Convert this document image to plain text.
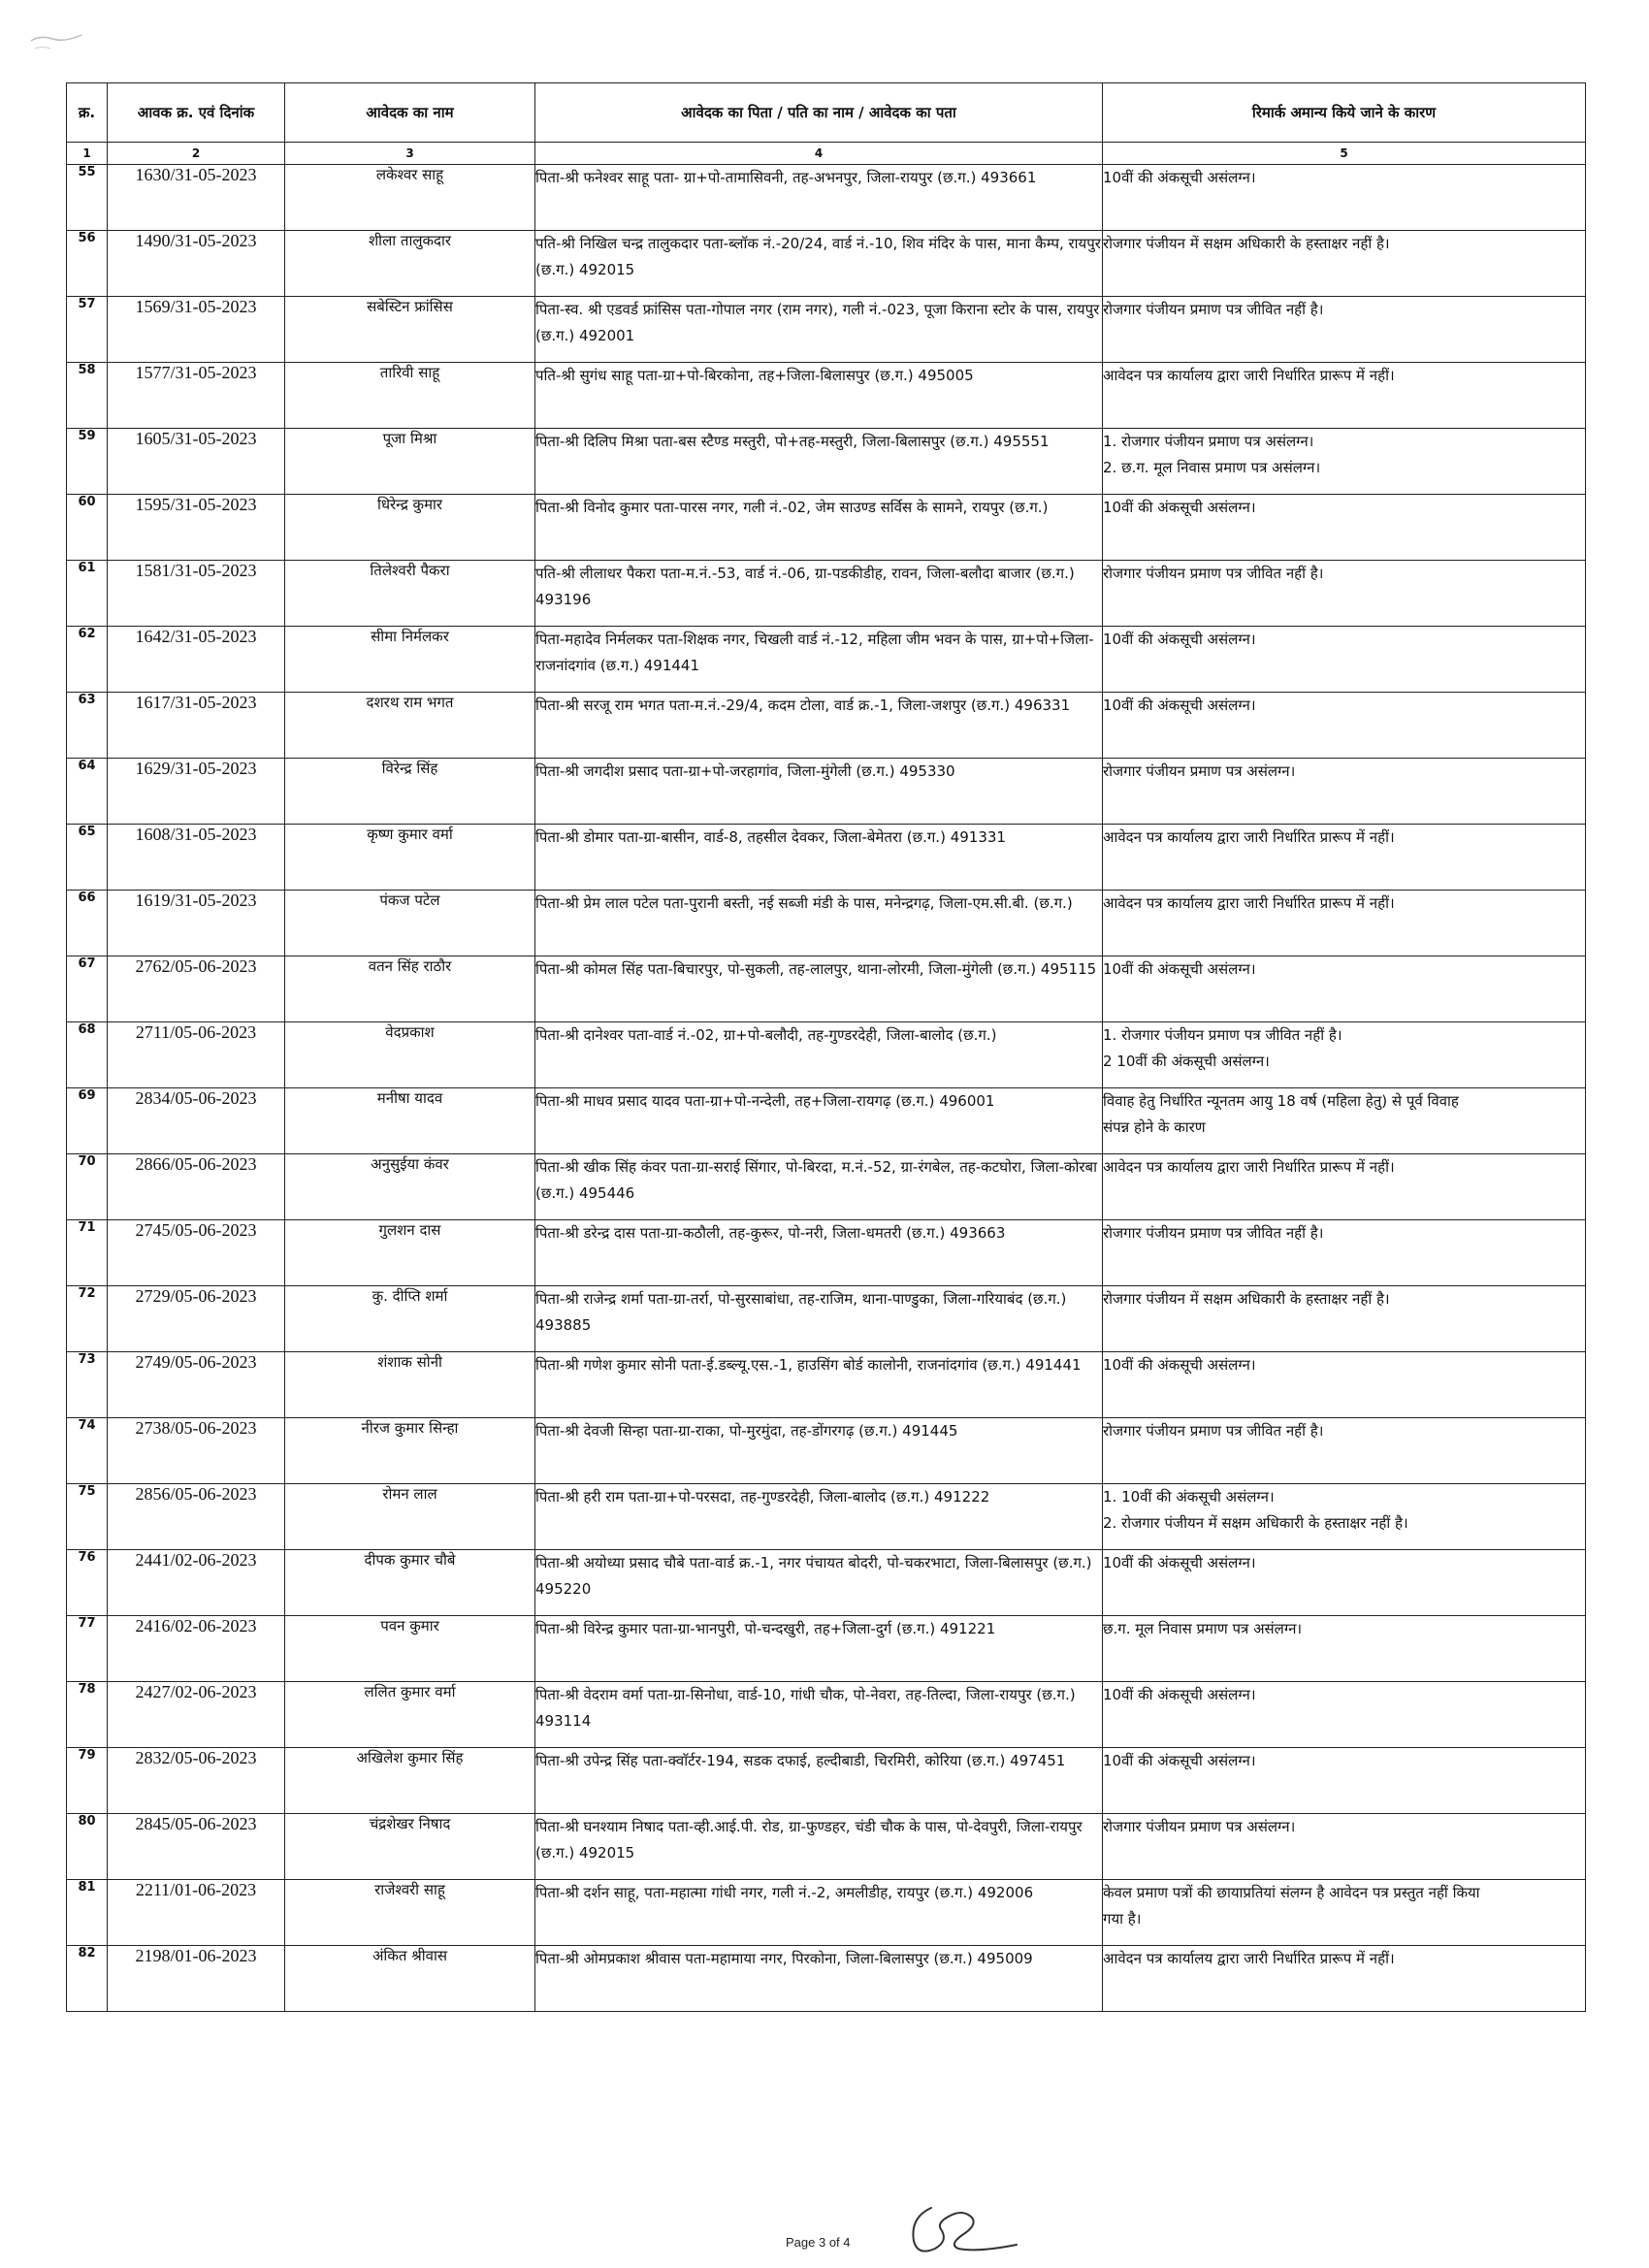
क्र.	आवक क्र. एवं दिनांक	आवेदक का नाम	आवेदक का पिता / पति का नाम / आवेदक का पता	रिमार्क अमान्य किये जाने के कारण
1	2	3	4	5
55	1630/31-05-2023	लकेश्वर साहू	पिता-श्री फनेश्वर साहू पता- ग्रा+पो-तामासिवनी, तह-अभनपुर, जिला-रायपुर (छ.ग.) 493661	10वीं की अंकसूची असंलग्न।

56	1490/31-05-2023	शीला तालुकदार	पति-श्री निखिल चन्द्र तालुकदार पता-ब्लॉक नं.-20/24, वार्ड नं.-10, शिव मंदिर के पास, माना कैम्प, रायपुर (छ.ग.) 492015	रोजगार पंजीयन में सक्षम अधिकारी के हस्ताक्षर नहीं है।

57	1569/31-05-2023	सबेस्टिन फ्रांसिस	पिता-स्व. श्री एडवर्ड फ्रांसिस पता-गोपाल नगर (राम नगर), गली नं.-023, पूजा किराना स्टोर के पास, रायपुर (छ.ग.) 492001	रोजगार पंजीयन प्रमाण पत्र जीवित नहीं है।

58	1577/31-05-2023	तारिवी साहू	पति-श्री सुगंध साहू पता-ग्रा+पो-बिरकोना, तह+जिला-बिलासपुर (छ.ग.) 495005	आवेदन पत्र कार्यालय द्वारा जारी निर्धारित प्रारूप में नहीं।

59	1605/31-05-2023	पूजा मिश्रा	पिता-श्री दिलिप मिश्रा पता-बस स्टैण्ड मस्तुरी, पो+तह-मस्तुरी, जिला-बिलासपुर (छ.ग.) 495551	1. रोजगार पंजीयन प्रमाण पत्र असंलग्न।
2. छ.ग. मूल निवास प्रमाण पत्र असंलग्न।

60	1595/31-05-2023	धिरेन्द्र कुमार	पिता-श्री विनोद कुमार पता-पारस नगर, गली नं.-02, जेम साउण्ड सर्विस के सामने, रायपुर (छ.ग.)	10वीं की अंकसूची असंलग्न।

61	1581/31-05-2023	तिलेश्वरी पैकरा	पति-श्री लीलाधर पैकरा पता-म.नं.-53, वार्ड नं.-06, ग्रा-पडकीडीह, रावन, जिला-बलौदा बाजार (छ.ग.) 493196	रोजगार पंजीयन प्रमाण पत्र जीवित नहीं है।

62	1642/31-05-2023	सीमा निर्मलकर	पिता-महादेव निर्मलकर पता-शिक्षक नगर, चिखली वार्ड नं.-12, महिला जीम भवन के पास, ग्रा+पो+जिला-राजनांदगांव (छ.ग.) 491441	10वीं की अंकसूची असंलग्न।

63	1617/31-05-2023	दशरथ राम भगत	पिता-श्री सरजू राम भगत पता-म.नं.-29/4, कदम टोला, वार्ड क्र.-1, जिला-जशपुर (छ.ग.) 496331	10वीं की अंकसूची असंलग्न।

64	1629/31-05-2023	विरेन्द्र सिंह	पिता-श्री जगदीश प्रसाद पता-ग्रा+पो-जरहागांव, जिला-मुंगेली (छ.ग.) 495330	रोजगार पंजीयन प्रमाण पत्र असंलग्न।

65	1608/31-05-2023	कृष्ण कुमार वर्मा	पिता-श्री डोमार पता-ग्रा-बासीन, वार्ड-8, तहसील देवकर, जिला-बेमेतरा (छ.ग.) 491331	आवेदन पत्र कार्यालय द्वारा जारी निर्धारित प्रारूप में नहीं।

66	1619/31-05-2023	पंकज पटेल	पिता-श्री प्रेम लाल पटेल पता-पुरानी बस्ती, नई सब्जी मंडी के पास, मनेन्द्रगढ़, जिला-एम.सी.बी. (छ.ग.)	आवेदन पत्र कार्यालय द्वारा जारी निर्धारित प्रारूप में नहीं।

67	2762/05-06-2023	वतन सिंह राठौर	पिता-श्री कोमल सिंह पता-बिचारपुर, पो-सुकली, तह-लालपुर, थाना-लोरमी, जिला-मुंगेली (छ.ग.) 495115	10वीं की अंकसूची असंलग्न।

68	2711/05-06-2023	वेदप्रकाश	पिता-श्री दानेश्वर पता-वार्ड नं.-02, ग्रा+पो-बलौदी, तह-गुण्डरदेही, जिला-बालोद (छ.ग.)	1. रोजगार पंजीयन प्रमाण पत्र जीवित नहीं है।
2 10वीं की अंकसूची असंलग्न।

69	2834/05-06-2023	मनीषा यादव	पिता-श्री माधव प्रसाद यादव पता-ग्रा+पो-नन्देली, तह+जिला-रायगढ़ (छ.ग.) 496001	विवाह हेतु निर्धारित न्यूनतम आयु 18 वर्ष (महिला हेतु) से पूर्व विवाह
संपन्न होने के कारण

70	2866/05-06-2023	अनुसुईया कंवर	पिता-श्री खीक सिंह कंवर पता-ग्रा-सराई सिंगार, पो-बिरदा, म.नं.-52, ग्रा-रंगबेल, तह-कटघोरा, जिला-कोरबा (छ.ग.) 495446	आवेदन पत्र कार्यालय द्वारा जारी निर्धारित प्रारूप में नहीं।

71	2745/05-06-2023	गुलशन दास	पिता-श्री डरेन्द्र दास पता-ग्रा-कठौली, तह-कुरूर, पो-नरी, जिला-धमतरी (छ.ग.) 493663	रोजगार पंजीयन प्रमाण पत्र जीवित नहीं है।

72	2729/05-06-2023	कु. दीप्ति शर्मा	पिता-श्री राजेन्द्र शर्मा पता-ग्रा-तर्रा, पो-सुरसाबांधा, तह-राजिम, थाना-पाण्डुका, जिला-गरियाबंद (छ.ग.) 493885	रोजगार पंजीयन में सक्षम अधिकारी के हस्ताक्षर नहीं है।

73	2749/05-06-2023	शंशाक सोनी	पिता-श्री गणेश कुमार सोनी पता-ई.डब्ल्यू.एस.-1, हाउसिंग बोर्ड कालोनी, राजनांदगांव (छ.ग.) 491441	10वीं की अंकसूची असंलग्न।

74	2738/05-06-2023	नीरज कुमार सिन्हा	पिता-श्री देवजी सिन्हा पता-ग्रा-राका, पो-मुरमुंदा, तह-डोंगरगढ़ (छ.ग.) 491445	रोजगार पंजीयन प्रमाण पत्र जीवित नहीं है।

75	2856/05-06-2023	रोमन लाल	पिता-श्री हरी राम पता-ग्रा+पो-परसदा, तह-गुण्डरदेही, जिला-बालोद (छ.ग.) 491222	1. 10वीं की अंकसूची असंलग्न।
2. रोजगार पंजीयन में सक्षम अधिकारी के हस्ताक्षर नहीं है।

76	2441/02-06-2023	दीपक कुमार चौबे	पिता-श्री अयोध्या प्रसाद चौबे पता-वार्ड क्र.-1, नगर पंचायत बोदरी, पो-चकरभाटा, जिला-बिलासपुर (छ.ग.) 495220	10वीं की अंकसूची असंलग्न।

77	2416/02-06-2023	पवन कुमार	पिता-श्री विरेन्द्र कुमार पता-ग्रा-भानपुरी, पो-चन्दखुरी, तह+जिला-दुर्ग (छ.ग.) 491221	छ.ग. मूल निवास प्रमाण पत्र असंलग्न।

78	2427/02-06-2023	ललित कुमार वर्मा	पिता-श्री वेदराम वर्मा पता-ग्रा-सिनोधा, वार्ड-10, गांधी चौक, पो-नेवरा, तह-तिल्दा, जिला-रायपुर (छ.ग.) 493114	10वीं की अंकसूची असंलग्न।

79	2832/05-06-2023	अखिलेश कुमार सिंह	पिता-श्री उपेन्द्र सिंह पता-क्वाॅर्टर-194, सडक दफाई, हल्दीबाडी, चिरमिरी, कोरिया (छ.ग.) 497451	10वीं की अंकसूची असंलग्न।

80	2845/05-06-2023	चंद्रशेखर निषाद	पिता-श्री घनश्याम निषाद पता-व्ही.आई.पी. रोड, ग्रा-फुण्डहर, चंडी चौक के पास, पो-देवपुरी, जिला-रायपुर (छ.ग.) 492015	रोजगार पंजीयन प्रमाण पत्र असंलग्न।

81	2211/01-06-2023	राजेश्वरी साहू	पिता-श्री दर्शन साहू, पता-महात्मा गांधी नगर, गली नं.-2, अमलीडीह, रायपुर (छ.ग.) 492006	केवल प्रमाण पत्रों की छायाप्रतियां संलग्न है आवेदन पत्र प्रस्तुत नहीं किया
गया है।

82	2198/01-06-2023	अंकित श्रीवास	पिता-श्री ओमप्रकाश श्रीवास पता-महामाया नगर, पिरकोना, जिला-बिलासपुर (छ.ग.) 495009	आवेदन पत्र कार्यालय द्वारा जारी निर्धारित प्रारूप में नहीं।
Page 3 of 4
